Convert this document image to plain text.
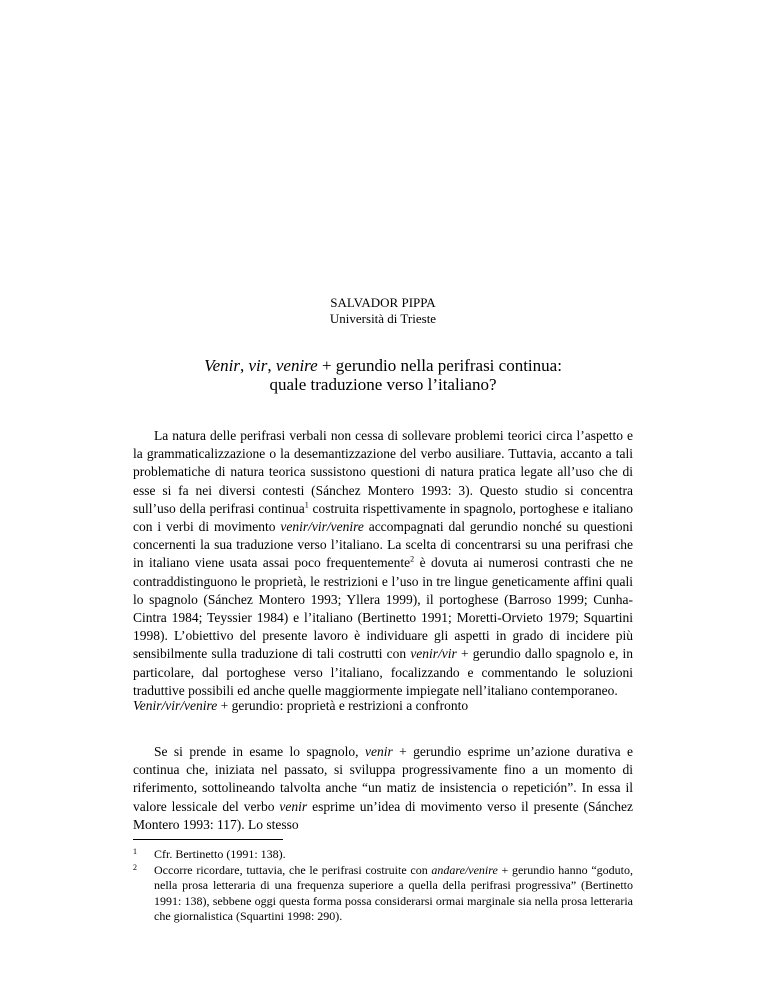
SALVADOR PIPPA
Università di Trieste
Venir, vir, venire + gerundio nella perifrasi continua:
quale traduzione verso l’italiano?

La natura delle perifrasi verbali non cessa di sollevare problemi teorici circa l’aspetto e la grammaticalizzazione o la desemantizzazione del verbo ausiliare. Tuttavia, accanto a tali problematiche di natura teorica sussistono questioni di natura pratica legate all’uso che di esse si fa nei diversi contesti (Sánchez Montero 1993: 3). Questo studio si concentra sull’uso della perifrasi continua$^1$ costruita rispettivamente in spagnolo, portoghese e italiano con i verbi di movimento venir/vir/venire accompagnati dal gerundio nonché su questioni concernenti la sua traduzione verso l’italiano. La scelta di concentrarsi su una perifrasi che in italiano viene usata assai poco frequentemente$^2$ è dovuta ai numerosi contrasti che ne contraddistinguono le proprietà, le restrizioni e l’uso in tre lingue geneticamente affini quali lo spagnolo (Sánchez Montero 1993; Yllera 1999), il portoghese (Barroso 1999; Cunha-Cintra 1984; Teyssier 1984) e l’italiano (Bertinetto 1991; Moretti-Orvieto 1979; Squartini 1998). L’obiettivo del presente lavoro è individuare gli aspetti in grado di incidere più sensibilmente sulla traduzione di tali costrutti con venir/vir + gerundio dallo spagnolo e, in particolare, dal portoghese verso l’italiano, focalizzando e commentando le soluzioni traduttive possibili ed anche quelle maggiormente impiegate nell’italiano contemporaneo.

Venir/vir/venire + gerundio: proprietà e restrizioni a confronto

Se si prende in esame lo spagnolo, venir + gerundio esprime un’azione durativa e continua che, iniziata nel passato, si sviluppa progressivamente fino a un momento di riferimento, sottolineando talvolta anche “un matiz de insistencia o repetición”. In essa il valore lessicale del verbo venir esprime un’idea di movimento verso il presente (Sánchez Montero 1993: 117). Lo stesso

1 Cfr. Bertinetto (1991: 138).
2 Occorre ricordare, tuttavia, che le perifrasi costruite con andare/venire + gerundio hanno “goduto, nella prosa letteraria di una frequenza superiore a quella della perifrasi progressiva” (Bertinetto 1991: 138), sebbene oggi questa forma possa considerarsi ormai marginale sia nella prosa letteraria che giornalistica (Squartini 1998: 290).
